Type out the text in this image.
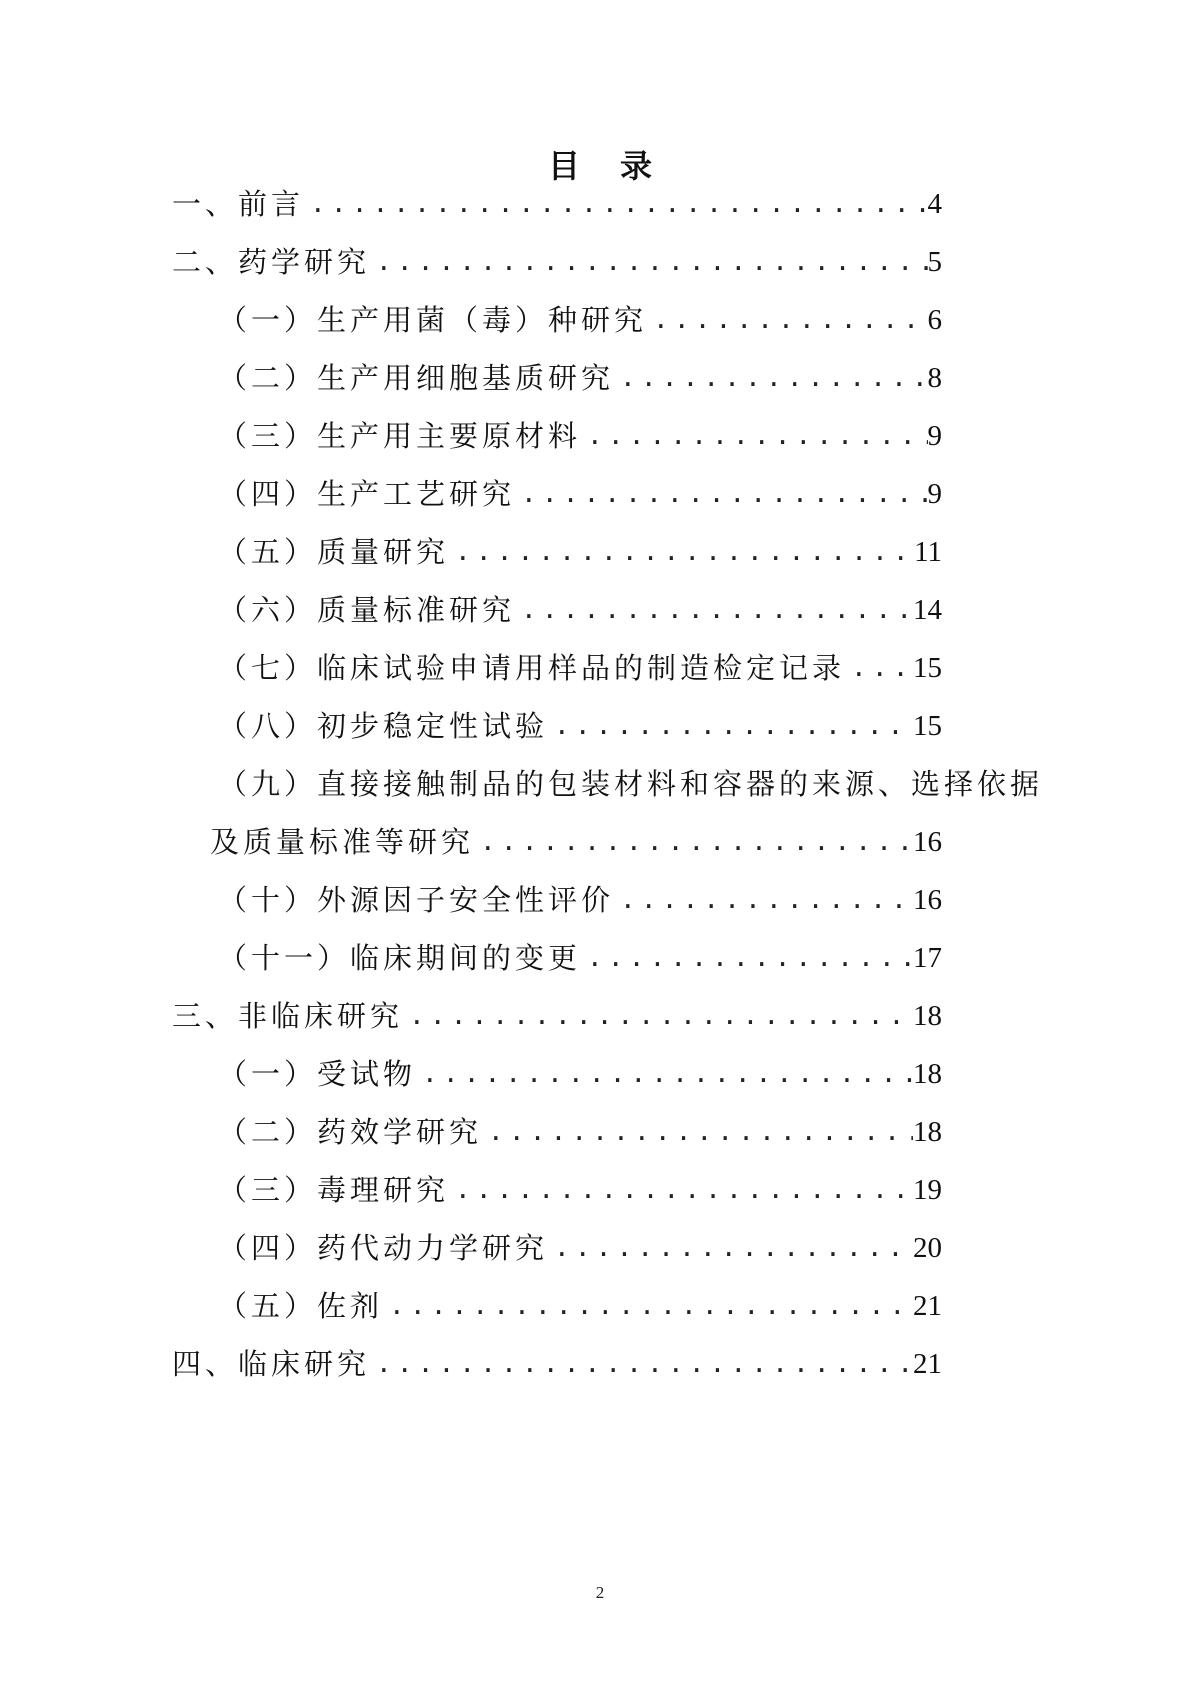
目 录
一、前言 .....	4
二、药学研究 .....	5
（一）生产用菌（毒）种研究 .....	6
（二）生产用细胞基质研究 .....	8
（三）生产用主要原材料 .....	9
（四）生产工艺研究 .....	9
（五）质量研究 .....	11
（六）质量标准研究 .....	14
（七）临床试验申请用样品的制造检定记录 ..... 15
（八）初步稳定性试验 .....	15
（九）直接接触制品的包装材料和容器的来源、选择依据
及质量标准等研究 .....	16
（十）外源因子安全性评价 .....	16
（十一）临床期间的变更 .....	17
三、非临床研究 .....	18
（一）受试物 .....	18
（二）药效学研究 .....	18
（三）毒理研究 .....	19
（四）药代动力学研究 .....	20
（五）佐剂 .....	21
四、临床研究 .....	21
2
